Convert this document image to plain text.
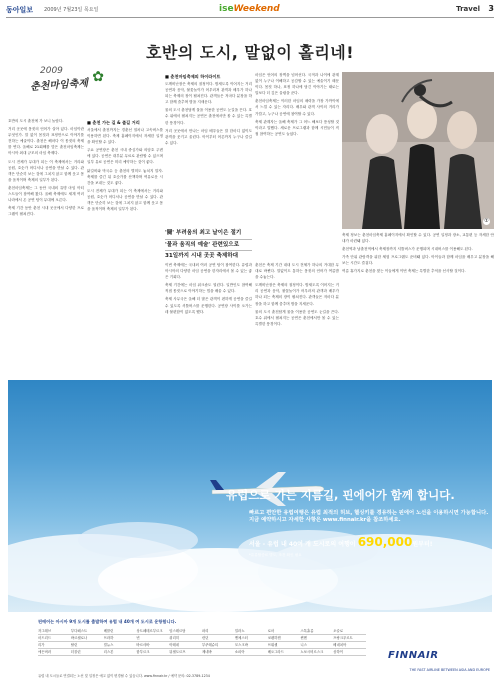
동아일보 2009년 7월23일 목요일	iseWeekend	Travel 3
호반의 도시, 말없이 홀리네!
2009
춘천마임축제
✿

호반의 도시 춘천에 가 보니 놀랍다.

거리 곳곳에 몸짓의 언어가 살아 있다. 마임이란 무엇인가. 말 없이 몸짓과 표정만으로 이야기를 전하는 예술이다. 춘천은 해마다 이 몸짓의 축제를 연다. 올해로 21회째를 맞은 춘천마임축제는 아시아 최대 규모의 마임 축제다.

도시 전체가 무대가 되는 이 축제에서는 거리와 공원, 호숫가 어디서나 공연을 만날 수 있다. 관객은 단순히 보는 것에 그치지 않고 함께 웃고 몸을 움직이며 축제의 일부가 된다.

춘천마임축제는 그 동안 국내외 유명 마임 아티스트들이 참여해 왔다. 올해 축제에도 세계 여러 나라에서 온 공연 팀이 무대에 오른다.

축제 기간 동안 춘천 시내 곳곳에서 다양한 프로그램이 펼쳐진다.

■ 춘천 가는 길 & 즐길 거리

서울에서 춘천까지는 경춘선 열차나 고속버스를 이용하면 된다. 축제 홈페이지에서 자세한 일정을 확인할 수 있다.

주요 공연장은 춘천 시내 중심가와 의암호 주변에 있다. 공연은 대부분 무료로 관람할 수 있으며 일부 유료 공연은 미리 예약하는 것이 좋다.

닭갈비와 막국수 등 춘천의 별미도 놓치지 말자. 축제를 즐긴 뒤 호숫가를 산책하며 여유로운 시간을 보내는 것도 좋다.

도시 전체가 무대가 되는 이 축제에서는 거리와 공원, 호숫가 어디서나 공연을 만날 수 있다. 관객은 단순히 보는 것에 그치지 않고 함께 웃고 몸을 움직이며 축제의 일부가 된다.

■ 춘천마임축제의 하이라이트

도깨비난장은 축제의 절정이다. 밤새도록 이어지는 거리 공연과 음악, 불꽃놀이가 어우러져 관객과 배우가 하나 되는 축제의 장이 펼쳐진다. 관객들은 저마다 분장을 하고 함께 춤추며 밤을 지새운다.

물의 도시 춘천답게 물을 이용한 공연도 눈길을 끈다. 호수 위에서 펼쳐지는 공연은 춘천에서만 볼 수 있는 특별한 풍경이다.

거리 곳곳에서 만나는 마임 배우들은 말 한마디 없이도 관객을 웃기고 울린다. 아이부터 어른까지 누구나 즐길 수 있다.

'闘' 부려움의 최고 날이은 절기
'물과 움직의 예술' 관련있으로
31일까지 시내 곳곳 축제하대

이번 축제에는 국내외 여러 공연 팀이 참여한다. 유럽과 아시아의 다양한 마임 공연을 한자리에서 볼 수 있는 좋은 기회다.

축제 기간에는 마임 워크숍도 열린다. 일반인도 참여해 직접 몸짓으로 이야기하는 법을 배울 수 있다.

축제 사무국은 올해 더 많은 관객이 편하게 공연을 즐길 수 있도록 셔틀버스를 운행한다. 공연장 사이를 오가는 데 불편함이 없도록 했다.

춘천은 축제 기간 내내 도시 전체가 하나의 거대한 무대로 바뀐다. 말없이도 통하는 몸짓의 언어가 여름밤을 수놓는다.

도깨비난장은 축제의 절정이다. 밤새도록 이어지는 거리 공연과 음악, 불꽃놀이가 어우러져 관객과 배우가 하나 되는 축제의 장이 펼쳐진다. 관객들은 저마다 분장을 하고 함께 춤추며 밤을 지새운다.

물의 도시 춘천답게 물을 이용한 공연도 눈길을 끈다. 호수 위에서 펼쳐지는 공연은 춘천에서만 볼 수 있는 특별한 풍경이다.

마임은 언어의 장벽을 넘어선다. 국적과 나이에 관계없이 누구나 이해하고 공감할 수 있는 예술이기 때문이다. 몸짓 하나, 표정 하나에 담긴 이야기는 때로는 말보다 더 깊은 울림을 준다.

춘천마임축제는 이러한 마임의 매력을 가장 가까이에서 느낄 수 있는 자리다. 배우와 관객 사이의 거리가 가깝고, 누구나 공연에 참여할 수 있다.

축제 관계자는 올해 축제가 그 어느 해보다 풍성할 것이라고 말했다. 새로운 프로그램과 함께 시민들이 직접 참여하는 공연도 늘었다.

①

축제 정보는 춘천마임축제 홈페이지에서 확인할 수 있다. 공연 일정과 장소, 교통편 등 자세한 안내가 마련돼 있다.

춘천역과 남춘천역에서 축제장까지 셔틀버스가 운행되며 시내버스를 이용해도 된다.

가족 단위 관람객을 위한 체험 프로그램도 준비돼 있다. 아이들과 함께 마임을 배우고 분장을 해 보는 시간도 즐겁다.

여름 휴가지로 춘천을 찾는 이들에게 이번 축제는 특별한 추억을 선사할 것이다.

유럽으로 가는 지름길, 핀에어가 함께 합니다.
빠르고 편안한 유럽여행은 유럽 최적의 허브, 헬싱키를 경유하는 핀에어 노선을 이용하시면 가능합니다. 지금 예약하시고 자세한 사항은 www.finnair.kr을 참조하세요.
서울 - 유럽 내 40여 개 도시로의 여행이 690,000원부터!
*유류할증료 별도, 조건 확인 필요
핀에어는 아시아 9개 도시를 출발하여 유럽 내 40개 여 도시로 운항합니다.
자그레브	부다페스트	베를린	상트페테르부르크	암스테르담	파리	밀라노	로마	스톡홀름	오슬로
마드리드	바르셀로나	프라하	빈	취리히	런던	맨체스터	코펜하겐	뮌헨	프랑크푸르트
리가	탈린	빌뉴스	바르샤바	아테네	부쿠레슈티	모스크바	브뤼셀	니스	베네치아
에든버러	더블린	리스본	함부르크	뒤셀도르프	제네바	소피아	베오그라드	노보시비르스크	상하이
유럽 내 도시들로 연결되는 노선 및 일정은 예고 없이 변경될 수 있습니다. www.finnair.kr / 예약 문의: 02-3789-1234
FINNAIR
THE FAST AIRLINE BETWEEN ASIA AND EUROPE
